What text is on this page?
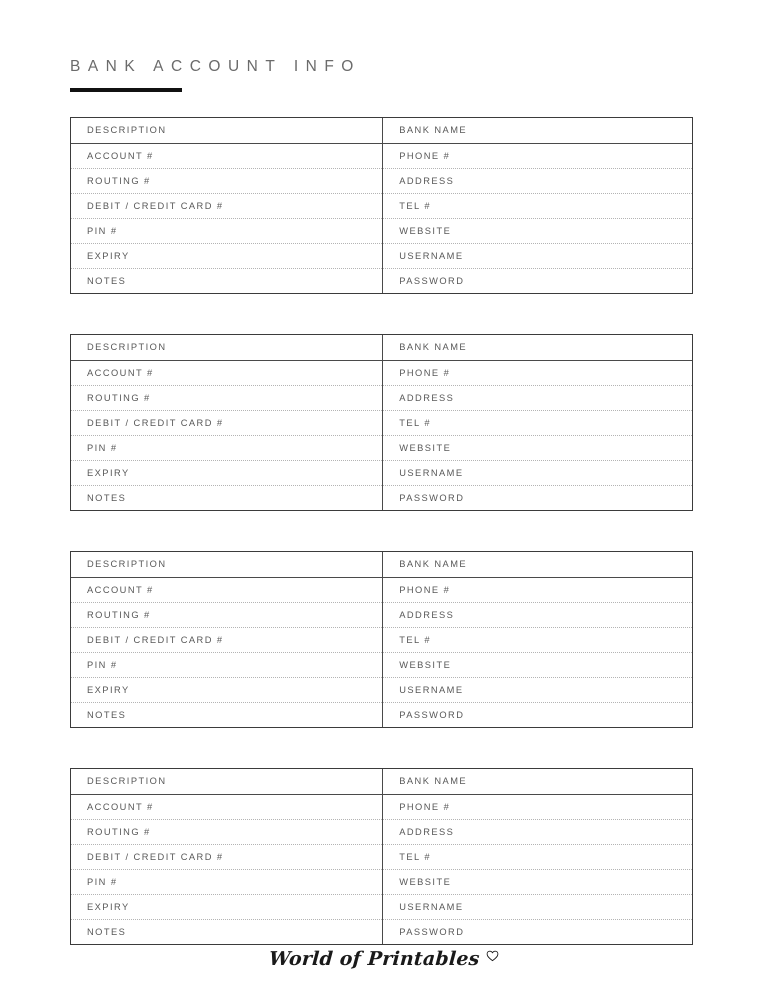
BANK ACCOUNT INFO
DESCRIPTION	BANK NAME
ACCOUNT #	PHONE #
ROUTING #	ADDRESS
DEBIT / CREDIT CARD #	TEL #
PIN #	WEBSITE
EXPIRY	USERNAME
NOTES	PASSWORD
DESCRIPTION	BANK NAME
ACCOUNT #	PHONE #
ROUTING #	ADDRESS
DEBIT / CREDIT CARD #	TEL #
PIN #	WEBSITE
EXPIRY	USERNAME
NOTES	PASSWORD
DESCRIPTION	BANK NAME
ACCOUNT #	PHONE #
ROUTING #	ADDRESS
DEBIT / CREDIT CARD #	TEL #
PIN #	WEBSITE
EXPIRY	USERNAME
NOTES	PASSWORD
DESCRIPTION	BANK NAME
ACCOUNT #	PHONE #
ROUTING #	ADDRESS
DEBIT / CREDIT CARD #	TEL #
PIN #	WEBSITE
EXPIRY	USERNAME
NOTES	PASSWORD
World of Printables
